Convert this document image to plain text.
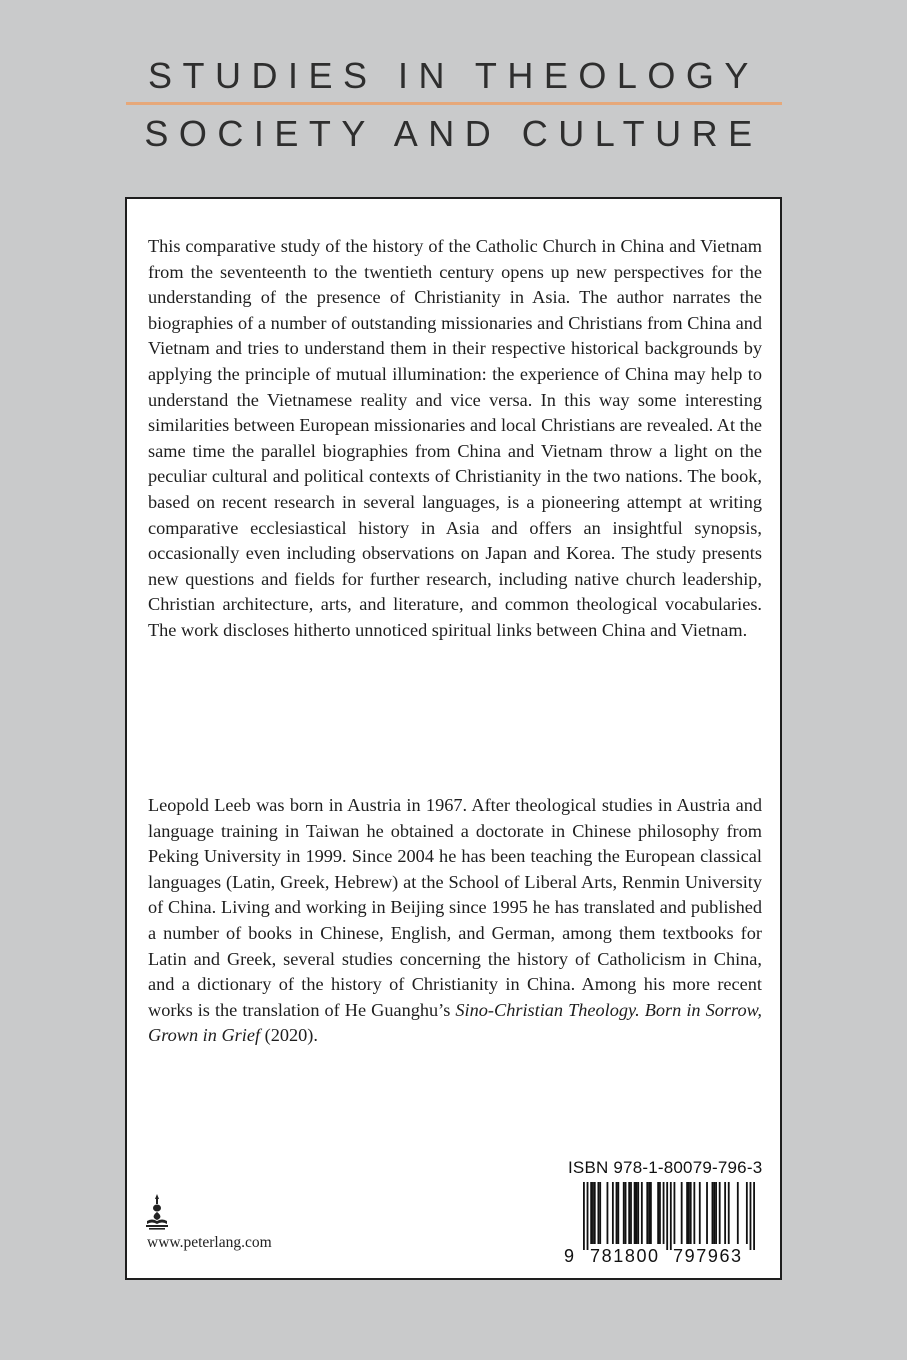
STUDIES IN THEOLOGY
SOCIETY AND CULTURE

This comparative study of the history of the Catholic Church in China and Vietnam from the seventeenth to the twentieth century opens up new perspectives for the understanding of the presence of Christianity in Asia. The author narrates the biographies of a number of outstanding missionaries and Christians from China and Vietnam and tries to understand them in their respective historical backgrounds by applying the principle of mutual illumination: the experience of China may help to understand the Vietnamese reality and vice versa. In this way some interesting similarities between European missionaries and local Christians are revealed. At the same time the parallel biographies from China and Vietnam throw a light on the peculiar cultural and political contexts of Christianity in the two nations. The book, based on recent research in several languages, is a pioneering attempt at writing comparative ecclesiastical history in Asia and offers an insightful synopsis, occasionally even including observations on Japan and Korea. The study presents new questions and fields for further research, including native church leadership, Christian architecture, arts, and literature, and common theological vocabularies. The work discloses hitherto unnoticed spiritual links between China and Vietnam.

Leopold Leeb was born in Austria in 1967. After theological studies in Austria and language training in Taiwan he obtained a doctorate in Chinese philosophy from Peking University in 1999. Since 2004 he has been teaching the European classical languages (Latin, Greek, Hebrew) at the School of Liberal Arts, Renmin University of China. Living and working in Beijing since 1995 he has translated and published a number of books in Chinese, English, and German, among them textbooks for Latin and Greek, several studies concerning the history of Catholicism in China, and a dictionary of the history of Christianity in China. Among his more recent works is the translation of He Guanghu’s Sino-Christian Theology. Born in Sorrow, Grown in Grief (2020).

www.peterlang.com
ISBN 978-1-80079-796-3
9 781800 797963
